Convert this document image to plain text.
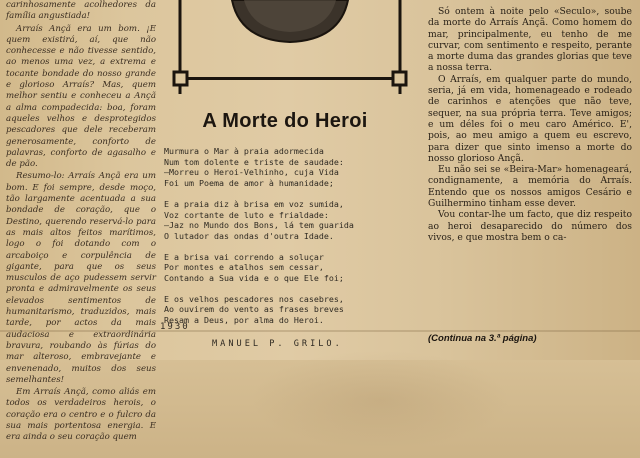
carinhosamente acolhedores da família angustiada!

Arraís Ançã era um bom. ¡E quem existirá, aí, que não conhecesse e não tivesse sentido, ao menos uma vez, a extrema e tocante bondade do nosso grande e glorioso Arraís? Mas, quem melhor sentiu e conheceu a Ançã a alma compadecida: boa, foram aqueles velhos e desprotegidos pescadores que dele receberam generosamente, conforto de palavras, conforto de agasalho e de pão.

Resumo-lo: Arraís Ançã era um bom. E foi sempre, desde moço, tão largamente acentuada a sua bondade de coração, que o Destino, querendo reservá-lo para as mais altos feitos marítimos, logo o foi dotando com o arcaboiço e corpulência de gigante, para que os seus musculos de aço pudessem servir pronta e admiravelmente os seus elevados sentimentos de humanitarismo, traduzidos, mais tarde, por actos da mais audaciosa e extraordinária bravura, roubando às fúrias do mar alteroso, embravejante e envenenado, muitos dos seus semelhantes!

Em Arraís Ançã, como aliás em todos os verdadeiros herois, o coração era o centro e o fulcro da sua mais portentosa energia. E era ainda o seu coração quem

A Morte do Heroi
Murmura o Mar à praia adormecida
Num tom dolente e triste de saudade:
—Morreu o Heroi-Velhinho, cuja Vida
Foi um Poema de amor à humanidade;
E a praia diz à brisa em voz sumida,
Voz cortante de luto e frialdade:
—Jaz no Mundo dos Bons, lá tem guarida
O lutador das ondas d'outra Idade.
E a brisa vai correndo a soluçar
Por montes e atalhos sem cessar,
Contando a Sua vida e o que Ele foi;
E os velhos pescadores nos casebres,
Ao ouvirem do vento as frases breves
Resam a Deus, por alma do Heroi.
1930
MANUEL P. GRILO.

Só ontem à noite pelo «Seculo», soube da morte do Arraís Ançã. Como homem do mar, principalmente, eu tenho de me curvar, com sentimento e respeito, perante a morte duma das grandes glorias que teve a nossa terra.

O Arraís, em qualquer parte do mundo, seria, já em vida, homenageado e rodeado de carinhos e atenções que não teve, sequer, na sua própria terra. Teve amigos; e um déles foi o meu caro Américo. E', pois, ao meu amigo a quem eu escrevo, para dizer que sinto imenso a morte do nosso glorioso Ançã.

Eu não sei se «Beira-Mar» homenageará, condignamente, a memória do Arraís. Entendo que os nossos amigos Cesário e Guilhermino tinham esse dever.

Vou contar-lhe um facto, que diz respeito ao heroi desaparecido do número dos vivos, e que mostra bem o ca-

(Continua na 3.ª página)
